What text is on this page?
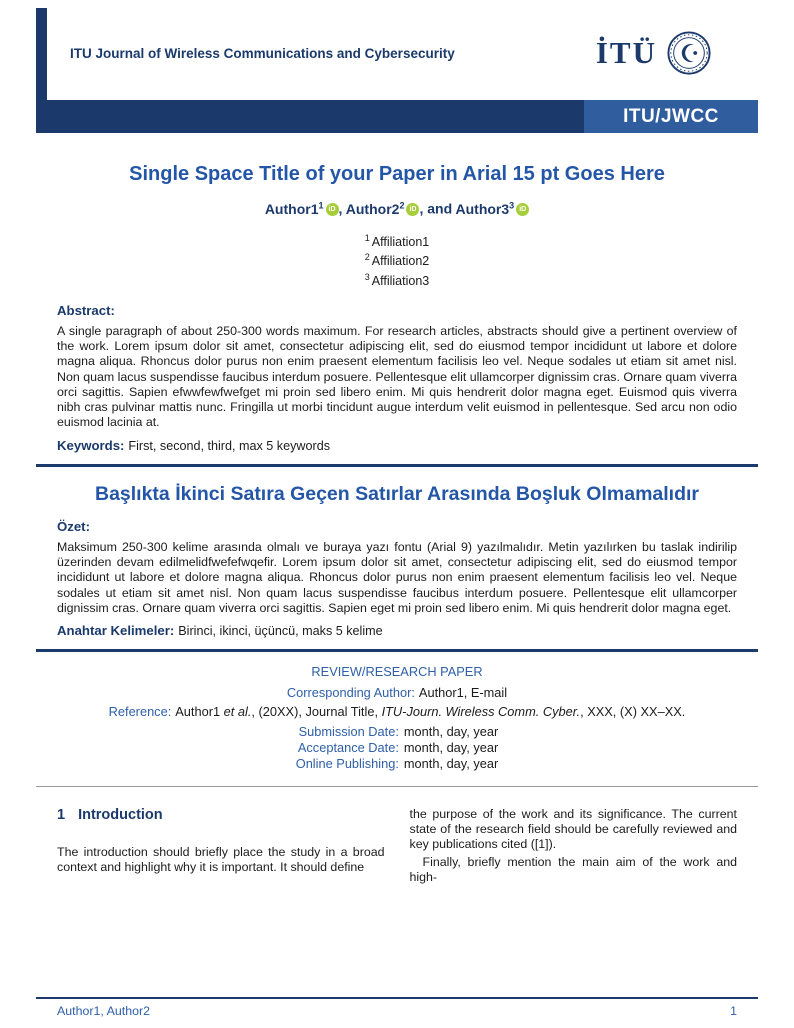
ITU Journal of Wireless Communications and Cybersecurity	İTÜ
ITU/JWCC
Single Space Title of your Paper in Arial 15 pt Goes Here
$Author1^1$ iD , $Author2^2$ iD , and $Author3^3$ iD
$^1$ Affiliation1
$^2$ Affiliation2
$^3$ Affiliation3
Abstract:

A single paragraph of about 250-300 words maximum. For research articles, abstracts should give a pertinent overview of the work. Lorem ipsum dolor sit amet, consectetur adipiscing elit, sed do eiusmod tempor incididunt ut labore et dolore magna aliqua. Rhoncus dolor purus non enim praesent elementum facilisis leo vel. Neque sodales ut etiam sit amet nisl. Non quam lacus suspendisse faucibus interdum posuere. Pellentesque elit ullamcorper dignissim cras. Ornare quam viverra orci sagittis. Sapien efwwfewfwefget mi proin sed libero enim. Mi quis hendrerit dolor magna eget. Euismod quis viverra nibh cras pulvinar mattis nunc. Fringilla ut morbi tincidunt augue interdum velit euismod in pellentesque. Sed arcu non odio euismod lacinia at.

Keywords: First, second, third, max 5 keywords

Başlıkta İkinci Satıra Geçen Satırlar Arasında Boşluk Olmamalıdır
Özet:

Maksimum 250-300 kelime arasında olmalı ve buraya yazı fontu (Arial 9) yazılmalıdır. Metin yazılırken bu taslak indirilip üzerinden devam edilmelidfwefefwqefir. Lorem ipsum dolor sit amet, consectetur adipiscing elit, sed do eiusmod tempor incididunt ut labore et dolore magna aliqua. Rhoncus dolor purus non enim praesent elementum facilisis leo vel. Neque sodales ut etiam sit amet nisl. Non quam lacus suspendisse faucibus interdum posuere. Pellentesque elit ullamcorper dignissim cras. Ornare quam viverra orci sagittis. Sapien eget mi proin sed libero enim. Mi quis hendrerit dolor magna eget.

Anahtar Kelimeler: Birinci, ikinci, üçüncü, maks 5 kelime

REVIEW/RESEARCH PAPER
Corresponding Author: Author1, E-mail
Reference: Author1 et al., (20XX), Journal Title, ITU-Journ. Wireless Comm. Cyber., XXX, (X) XX–XX.
Submission Date: month, day, year
Acceptance Date: month, day, year
Online Publishing: month, day, year
1 Introduction

The introduction should briefly place the study in a broad context and highlight why it is important. It should define

the purpose of the work and its significance. The current state of the research field should be carefully reviewed and key publications cited ([1]).

Finally, briefly mention the main aim of the work and high-

Author1, Author2	1
